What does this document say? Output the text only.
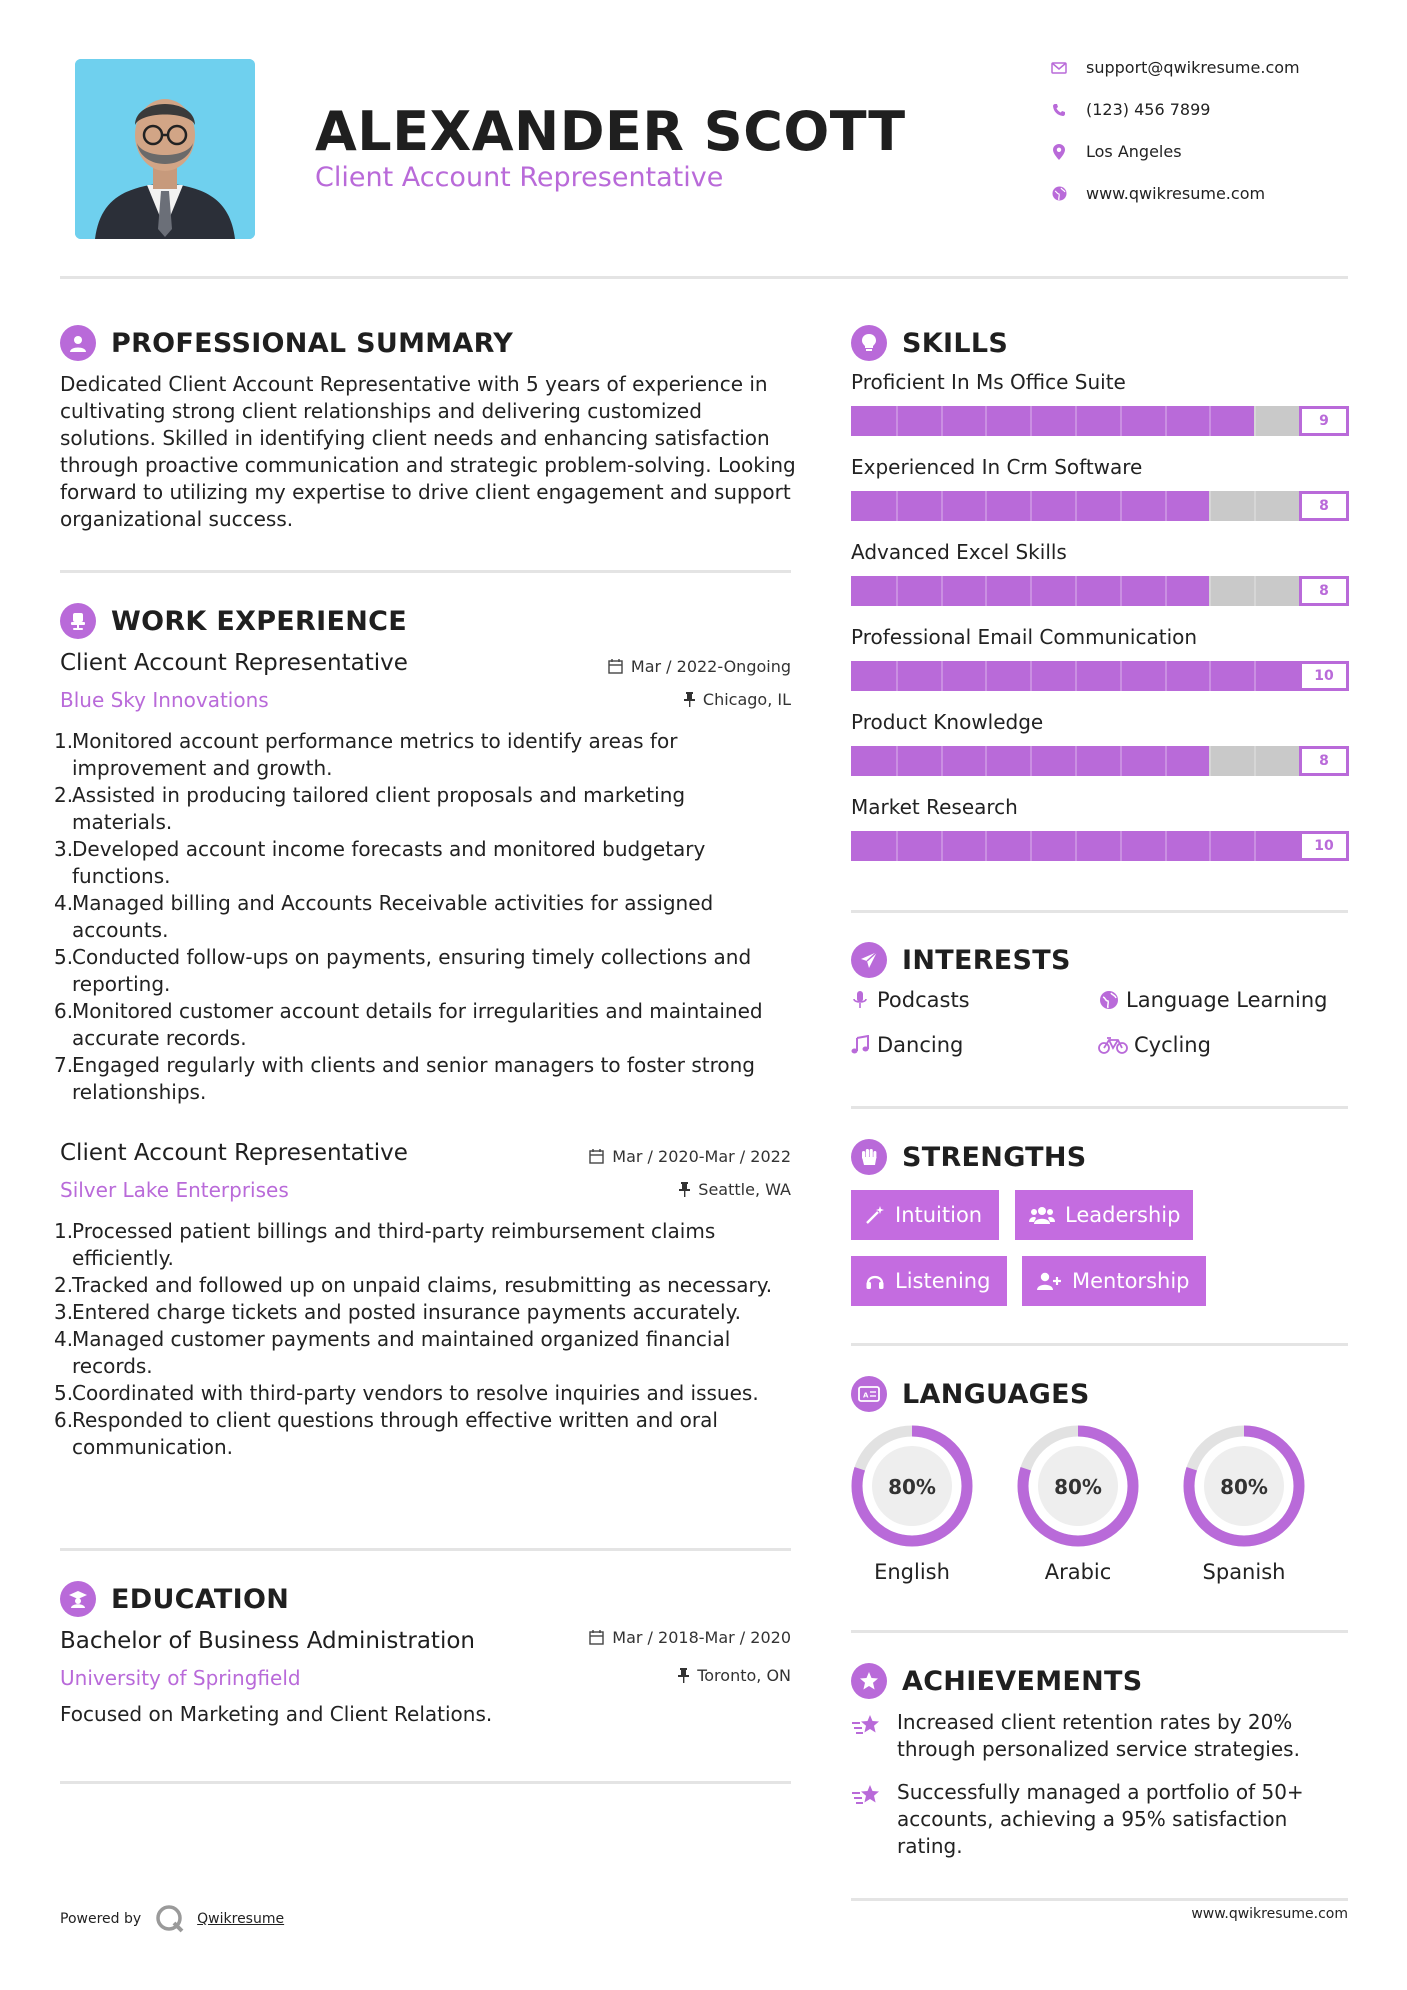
ALEXANDER SCOTT
Client Account Representative
support@qwikresume.com
(123) 456 7899
Los Angeles
www.qwikresume.com
PROFESSIONAL SUMMARY
Dedicated Client Account Representative with 5 years of experience in cultivating strong client relationships and delivering customized solutions. Skilled in identifying client needs and enhancing satisfaction through proactive communication and strategic problem-solving. Looking forward to utilizing my expertise to drive client engagement and support organizational success.
WORK EXPERIENCE
Client Account Representative	Mar / 2022-Ongoing
Blue Sky Innovations	Chicago, IL
1.
Monitored account performance metrics to identify areas for improvement and growth.
2.
Assisted in producing tailored client proposals and marketing materials.
3.
Developed account income forecasts and monitored budgetary functions.
4.
Managed billing and Accounts Receivable activities for assigned accounts.
5.
Conducted follow-ups on payments, ensuring timely collections and reporting.
6.
Monitored customer account details for irregularities and maintained accurate records.
7.
Engaged regularly with clients and senior managers to foster strong relationships.
Client Account Representative	Mar / 2020-Mar / 2022
Silver Lake Enterprises	Seattle, WA
1.
Processed patient billings and third-party reimbursement claims efficiently.
2.
Tracked and followed up on unpaid claims, resubmitting as necessary.
3.
Entered charge tickets and posted insurance payments accurately.
4.
Managed customer payments and maintained organized financial records.
5.
Coordinated with third-party vendors to resolve inquiries and issues.
6.
Responded to client questions through effective written and oral communication.
EDUCATION
Bachelor of Business Administration	Mar / 2018-Mar / 2020
University of Springfield	Toronto, ON
Focused on Marketing and Client Relations.
SKILLS
Proficient In Ms Office Suite
9
Experienced In Crm Software
8
Advanced Excel Skills
8
Professional Email Communication
10
Product Knowledge
8
Market Research
10
INTERESTS
Podcasts	Language Learning
Dancing	Cycling
STRENGTHS
Intuition	Leadership
Listening	Mentorship
A LANGUAGES
80%
English
80%
Arabic
80%
Spanish
ACHIEVEMENTS
Increased client retention rates by 20% through personalized service strategies.
Successfully managed a portfolio of 50+ accounts, achieving a 95% satisfaction rating.
Powered by	Qwikresume	www.qwikresume.com
